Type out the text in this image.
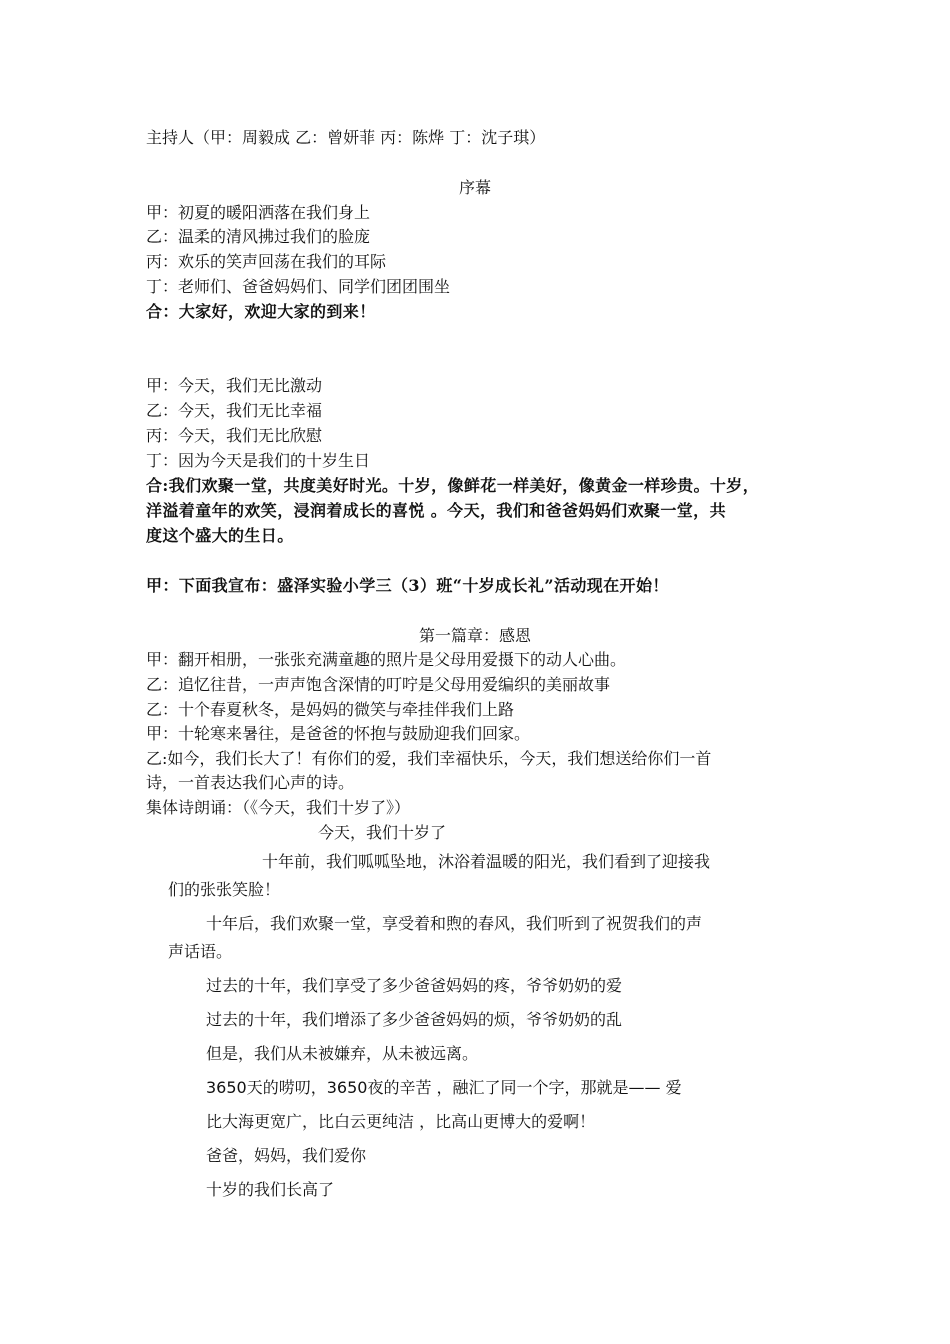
主持人（甲：周毅成 乙：曾妍菲 丙：陈烨 丁：沈子琪）

序幕

甲：初夏的暖阳洒落在我们身上

乙：温柔的清风拂过我们的脸庞

丙：欢乐的笑声回荡在我们的耳际

丁：老师们、爸爸妈妈们、同学们团团围坐

合：大家好，欢迎大家的到来！

甲：今天，我们无比激动

乙：今天，我们无比幸福

丙：今天，我们无比欣慰

丁：因为今天是我们的十岁生日

合:我们欢聚一堂，共度美好时光。十岁，像鲜花一样美好，像黄金一样珍贵。十岁，

洋溢着童年的欢笑，浸润着成长的喜悦 。今天，我们和爸爸妈妈们欢聚一堂，共

度这个盛大的生日。

甲：下面我宣布：盛泽实验小学三（3）班“十岁成长礼”活动现在开始！

第一篇章：感恩

甲：翻开相册，一张张充满童趣的照片是父母用爱摄下的动人心曲。

乙：追忆往昔，一声声饱含深情的叮咛是父母用爱编织的美丽故事

乙：十个春夏秋冬，是妈妈的微笑与牵挂伴我们上路

甲：十轮寒来暑往，是爸爸的怀抱与鼓励迎我们回家。

乙:如今，我们长大了！有你们的爱，我们幸福快乐，今天，我们想送给你们一首

诗，一首表达我们心声的诗。

集体诗朗诵：（《今天，我们十岁了》）

今天，我们十岁了

十年前，我们呱呱坠地，沐浴着温暖的阳光，我们看到了迎接我

们的张张笑脸！

十年后，我们欢聚一堂，享受着和煦的春风，我们听到了祝贺我们的声

声话语。

过去的十年，我们享受了多少爸爸妈妈的疼，爷爷奶奶的爱

过去的十年，我们增添了多少爸爸妈妈的烦，爷爷奶奶的乱

但是，我们从未被嫌弃，从未被远离。

3650天的唠叨，3650夜的辛苦 ，融汇了同一个字，那就是—— 爱

比大海更宽广，比白云更纯洁 ，比高山更博大的爱啊！

爸爸，妈妈，我们爱你

十岁的我们长高了
